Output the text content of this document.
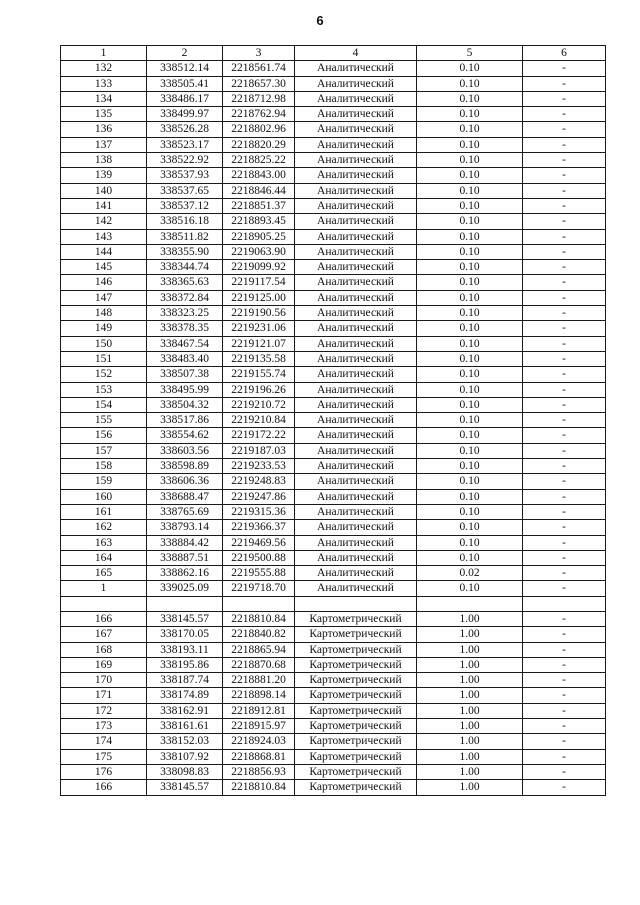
6
1	2	3	4	5	6
132	338512.14	2218561.74	Аналитический	0.10	-
133	338505.41	2218657.30	Аналитический	0.10	-
134	338486.17	2218712.98	Аналитический	0.10	-
135	338499.97	2218762.94	Аналитический	0.10	-
136	338526.28	2218802.96	Аналитический	0.10	-
137	338523.17	2218820.29	Аналитический	0.10	-
138	338522.92	2218825.22	Аналитический	0.10	-
139	338537.93	2218843.00	Аналитический	0.10	-
140	338537.65	2218846.44	Аналитический	0.10	-
141	338537.12	2218851.37	Аналитический	0.10	-
142	338516.18	2218893.45	Аналитический	0.10	-
143	338511.82	2218905.25	Аналитический	0.10	-
144	338355.90	2219063.90	Аналитический	0.10	-
145	338344.74	2219099.92	Аналитический	0.10	-
146	338365.63	2219117.54	Аналитический	0.10	-
147	338372.84	2219125.00	Аналитический	0.10	-
148	338323.25	2219190.56	Аналитический	0.10	-
149	338378.35	2219231.06	Аналитический	0.10	-
150	338467.54	2219121.07	Аналитический	0.10	-
151	338483.40	2219135.58	Аналитический	0.10	-
152	338507.38	2219155.74	Аналитический	0.10	-
153	338495.99	2219196.26	Аналитический	0.10	-
154	338504.32	2219210.72	Аналитический	0.10	-
155	338517.86	2219210.84	Аналитический	0.10	-
156	338554.62	2219172.22	Аналитический	0.10	-
157	338603.56	2219187.03	Аналитический	0.10	-
158	338598.89	2219233.53	Аналитический	0.10	-
159	338606.36	2219248.83	Аналитический	0.10	-
160	338688.47	2219247.86	Аналитический	0.10	-
161	338765.69	2219315.36	Аналитический	0.10	-
162	338793.14	2219366.37	Аналитический	0.10	-
163	338884.42	2219469.56	Аналитический	0.10	-
164	338887.51	2219500.88	Аналитический	0.10	-
165	338862.16	2219555.88	Аналитический	0.02	-
1	339025.09	2219718.70	Аналитический	0.10	-

166	338145.57	2218810.84	Картометрический	1.00	-
167	338170.05	2218840.82	Картометрический	1.00	-
168	338193.11	2218865.94	Картометрический	1.00	-
169	338195.86	2218870.68	Картометрический	1.00	-
170	338187.74	2218881.20	Картометрический	1.00	-
171	338174.89	2218898.14	Картометрический	1.00	-
172	338162.91	2218912.81	Картометрический	1.00	-
173	338161.61	2218915.97	Картометрический	1.00	-
174	338152.03	2218924.03	Картометрический	1.00	-
175	338107.92	2218868.81	Картометрический	1.00	-
176	338098.83	2218856.93	Картометрический	1.00	-
166	338145.57	2218810.84	Картометрический	1.00	-
